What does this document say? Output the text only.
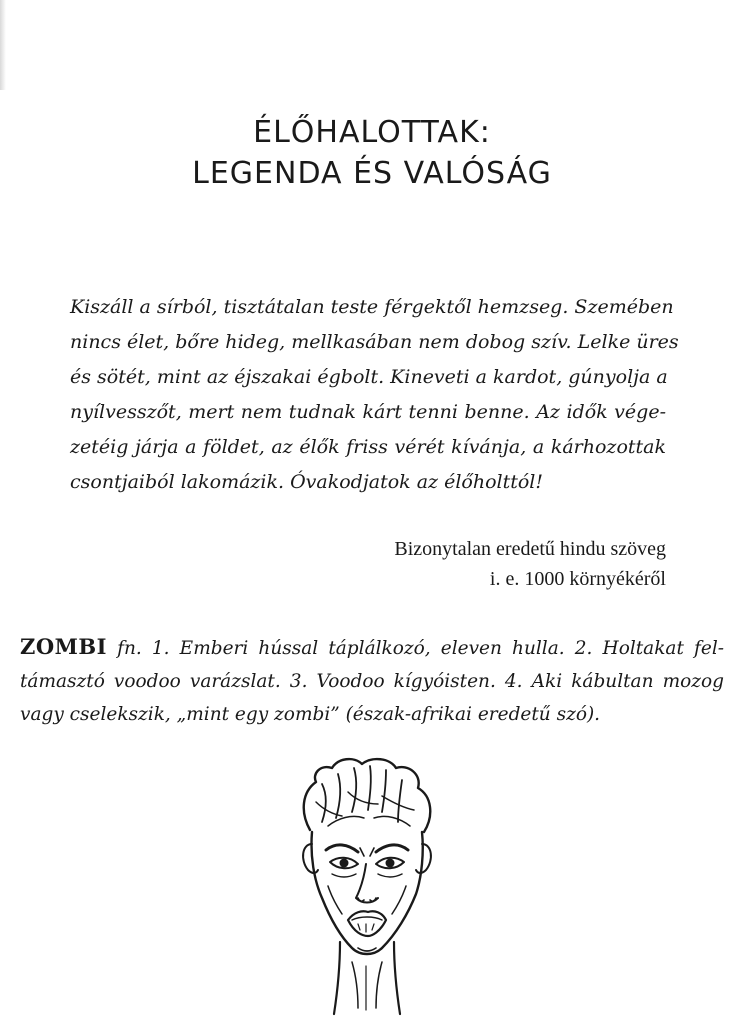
ÉLŐHALOTTAK:
LEGENDA ÉS VALÓSÁG
Kiszáll a sírból, tisztátalan teste férgektől hemzseg. Szemében
nincs élet, bőre hideg, mellkasában nem dobog szív. Lelke üres
és sötét, mint az éjszakai égbolt. Kineveti a kardot, gúnyolja a
nyílvesszőt, mert nem tudnak kárt tenni benne. Az idők vége-
zetéig járja a földet, az élők friss vérét kívánja, a kárhozottak
csontjaiból lakomázik. Óvakodjatok az élőholttól!
Bizonytalan eredetű hindu szöveg
i. e. 1000 környékéről
ZOMBI fn. 1. Emberi hússal táplálkozó, eleven hulla. 2. Holtakat fel-
támasztó voodoo varázslat. 3. Voodoo kígyóisten. 4. Aki kábultan mozog
vagy cselekszik, „mint egy zombi” (észak-afrikai eredetű szó).
